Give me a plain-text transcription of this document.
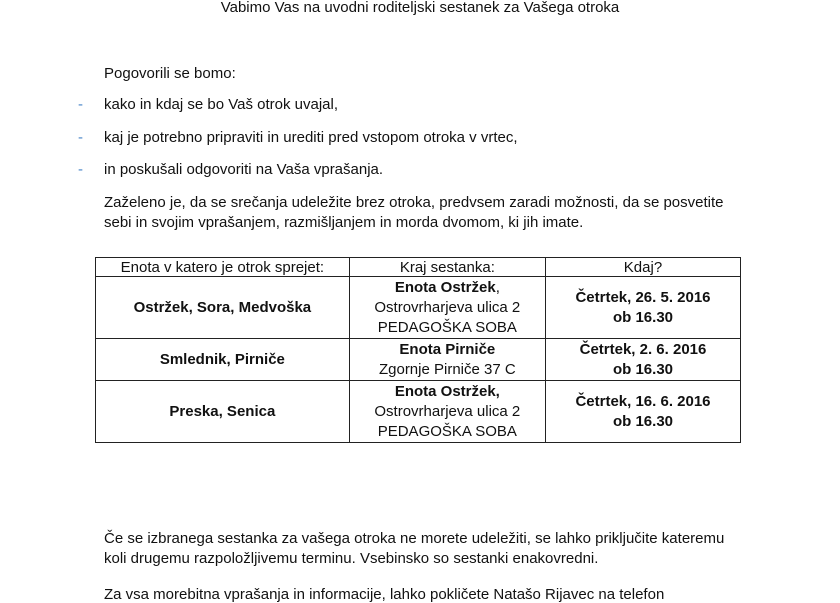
Vabimo Vas na uvodni roditeljski sestanek za Vašega otroka
Pogovorili se bomo:
- kako in kdaj se bo Vaš otrok uvajal,
- kaj je potrebno pripraviti in urediti pred vstopom otroka v vrtec,
- in poskušali odgovoriti na Vaša vprašanja.
Zaželeno je, da se srečanja udeležite brez otroka, predvsem zaradi možnosti, da se posvetite
sebi in svojim vprašanjem, razmišljanjem in morda dvomom, ki jih imate.
Enota v katero je otrok sprejet:	Kraj sestanka:	Kdaj?
Ostržek, Sora, Medvoška	Enota Ostržek,
Ostrovrharjeva ulica 2
PEDAGOŠKA SOBA	Četrtek, 26. 5. 2016
ob 16.30

Smlednik, Pirniče	Enota Pirniče
Zgornje Pirniče 37 C	Četrtek, 2. 6. 2016
ob 16.30

Preska, Senica	Enota Ostržek,
Ostrovrharjeva ulica 2
PEDAGOŠKA SOBA	Četrtek, 16. 6. 2016
ob 16.30
Če se izbranega sestanka za vašega otroka ne morete udeležiti, se lahko priključite kateremu
koli drugemu razpoložljivemu terminu. Vsebinsko so sestanki enakovredni.
Za vsa morebitna vprašanja in informacije, lahko pokličete Natašo Rijavec na telefon
